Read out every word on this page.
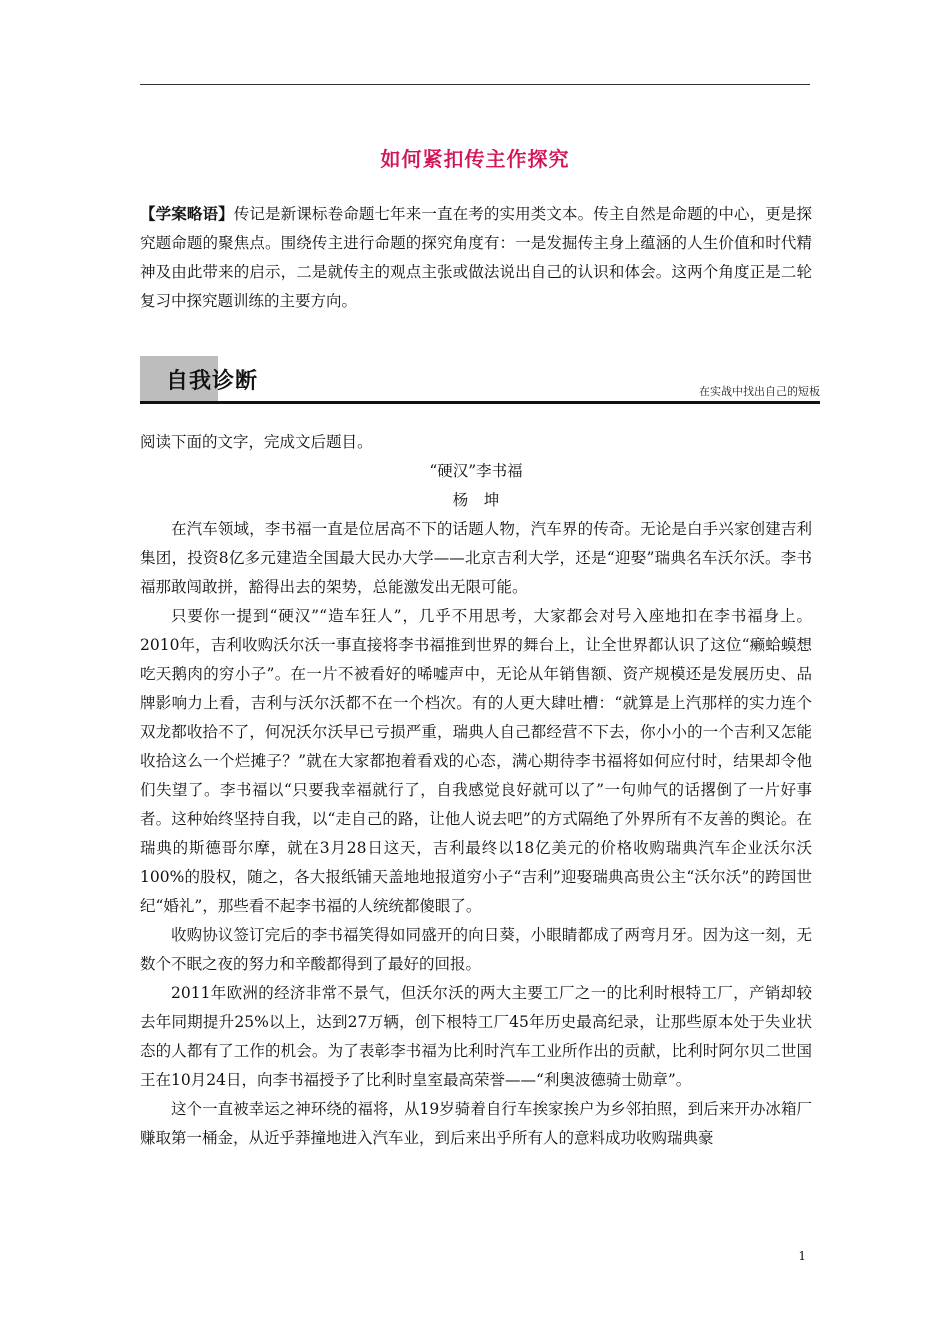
如何紧扣传主作探究
【学案略语】传记是新课标卷命题七年来一直在考的实用类文本。传主自然是命题的中心，更是探究题命题的聚焦点。围绕传主进行命题的探究角度有：一是发掘传主身上蕴涵的人生价值和时代精神及由此带来的启示，二是就传主的观点主张或做法说出自己的认识和体会。这两个角度正是二轮复习中探究题训练的主要方向。
自我诊断	在实战中找出自己的短板

阅读下面的文字，完成文后题目。

“硬汉”李书福

杨　坤

在汽车领域，李书福一直是位居高不下的话题人物，汽车界的传奇。无论是白手兴家创建吉利集团，投资8亿多元建造全国最大民办大学——北京吉利大学，还是“迎娶”瑞典名车沃尔沃。李书福那敢闯敢拼，豁得出去的架势，总能激发出无限可能。

只要你一提到“硬汉”“造车狂人”，几乎不用思考，大家都会对号入座地扣在李书福身上。2010年，吉利收购沃尔沃一事直接将李书福推到世界的舞台上，让全世界都认识了这位“癞蛤蟆想吃天鹅肉的穷小子”。在一片不被看好的唏嘘声中，无论从年销售额、资产规模还是发展历史、品牌影响力上看，吉利与沃尔沃都不在一个档次。有的人更大肆吐槽：“就算是上汽那样的实力连个双龙都收拾不了，何况沃尔沃早已亏损严重，瑞典人自己都经营不下去，你小小的一个吉利又怎能收拾这么一个烂摊子？”就在大家都抱着看戏的心态，满心期待李书福将如何应付时，结果却令他们失望了。李书福以“只要我幸福就行了，自我感觉良好就可以了”一句帅气的话撂倒了一片好事者。这种始终坚持自我，以“走自己的路，让他人说去吧”的方式隔绝了外界所有不友善的舆论。在瑞典的斯德哥尔摩，就在3月28日这天，吉利最终以18亿美元的价格收购瑞典汽车企业沃尔沃100%的股权，随之，各大报纸铺天盖地地报道穷小子“吉利”迎娶瑞典高贵公主“沃尔沃”的跨国世纪“婚礼”，那些看不起李书福的人统统都傻眼了。

收购协议签订完后的李书福笑得如同盛开的向日葵，小眼睛都成了两弯月牙。因为这一刻，无数个不眠之夜的努力和辛酸都得到了最好的回报。

2011年欧洲的经济非常不景气，但沃尔沃的两大主要工厂之一的比利时根特工厂，产销却较去年同期提升25%以上，达到27万辆，创下根特工厂45年历史最高纪录，让那些原本处于失业状态的人都有了工作的机会。为了表彰李书福为比利时汽车工业所作出的贡献，比利时阿尔贝二世国王在10月24日，向李书福授予了比利时皇室最高荣誉——“利奥波德骑士勋章”。

这个一直被幸运之神环绕的福将，从19岁骑着自行车挨家挨户为乡邻拍照，到后来开办冰箱厂赚取第一桶金，从近乎莽撞地进入汽车业，到后来出乎所有人的意料成功收购瑞典豪

1
